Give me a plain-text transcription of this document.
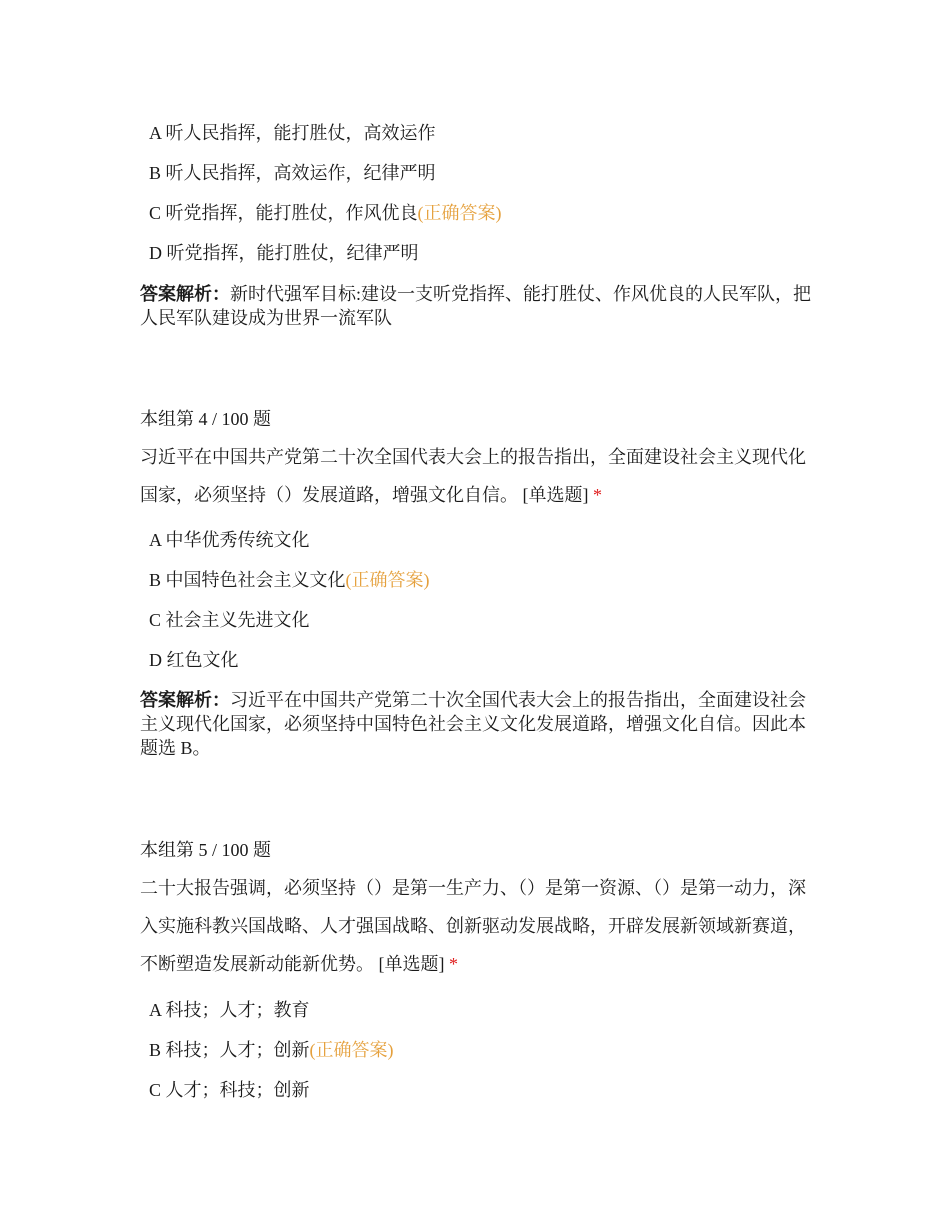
A 听人民指挥，能打胜仗，高效运作
B 听人民指挥，高效运作，纪律严明
C 听党指挥，能打胜仗，作风优良(正确答案)
D 听党指挥，能打胜仗，纪律严明
答案解析：新时代强军目标:建设一支听党指挥、能打胜仗、作风优良的人民军队，把人民军队建设成为世界一流军队
本组第 4 / 100 题
习近平在中国共产党第二十次全国代表大会上的报告指出，全面建设社会主义现代化国家，必须坚持（）发展道路，增强文化自信。 [单选题] *
A 中华优秀传统文化
B 中国特色社会主义文化(正确答案)
C 社会主义先进文化
D 红色文化
答案解析：习近平在中国共产党第二十次全国代表大会上的报告指出，全面建设社会主义现代化国家，必须坚持中国特色社会主义文化发展道路，增强文化自信。因此本题选 B。
本组第 5 / 100 题
二十大报告强调，必须坚持（）是第一生产力、（）是第一资源、（）是第一动力，深入实施科教兴国战略、人才强国战略、创新驱动发展战略，开辟发展新领域新赛道，不断塑造发展新动能新优势。 [单选题] *
A 科技；人才；教育
B 科技；人才；创新(正确答案)
C 人才；科技；创新
